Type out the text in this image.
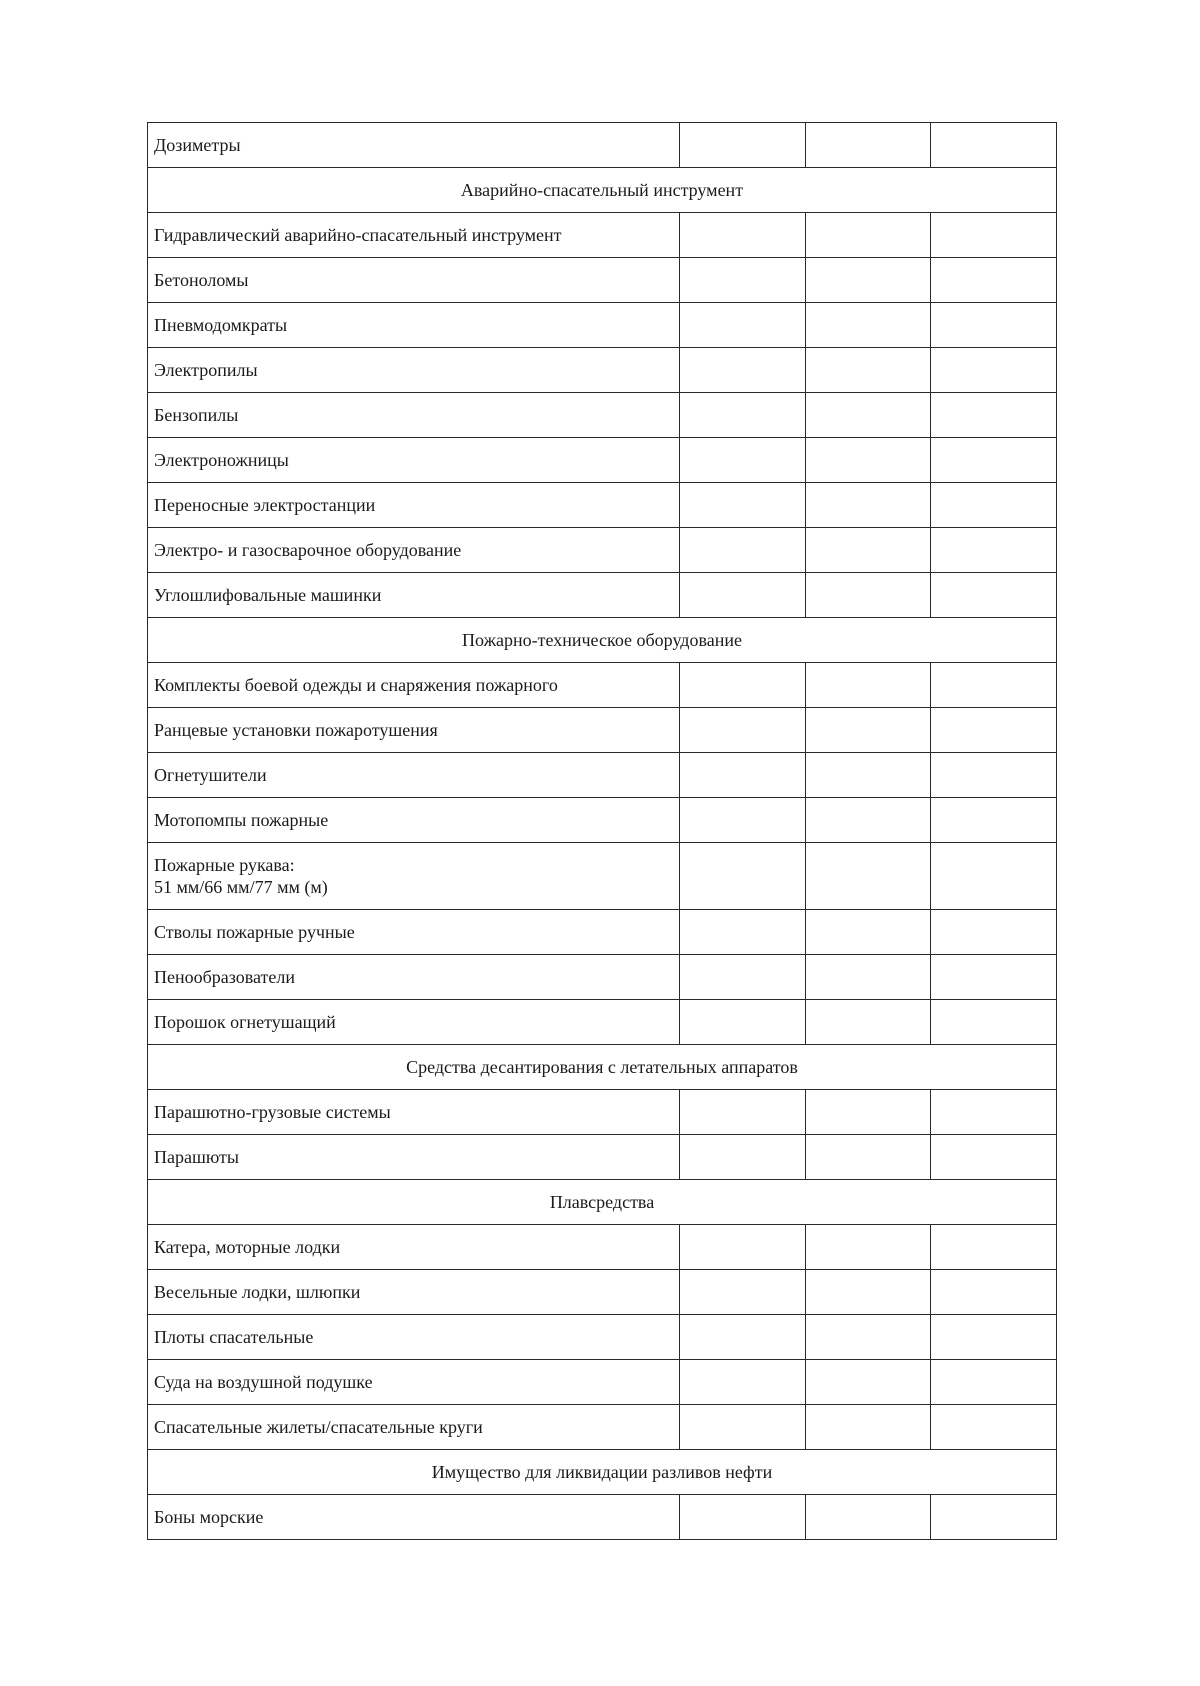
Дозиметры			

Аварийно-спасательный инструмент			

Гидравлический аварийно-спасательный инструмент			

Бетоноломы			

Пневмодомкраты			

Электропилы			

Бензопилы			

Электроножницы			

Переносные электростанции			

Электро- и газосварочное оборудование			

Углошлифовальные машинки			

Пожарно-техническое оборудование			

Комплекты боевой одежды и снаряжения пожарного			

Ранцевые установки пожаротушения			

Огнетушители			

Мотопомпы пожарные			

Пожарные рукава:
51 мм/66 мм/77 мм (м)			

Стволы пожарные ручные			

Пенообразователи			

Порошок огнетушащий			

Средства десантирования с летательных аппаратов			

Парашютно-грузовые системы			

Парашюты			

Плавсредства			

Катера, моторные лодки			

Весельные лодки, шлюпки			

Плоты спасательные			

Суда на воздушной подушке			

Спасательные жилеты/спасательные круги			

Имущество для ликвидации разливов нефти			

Боны морские			
